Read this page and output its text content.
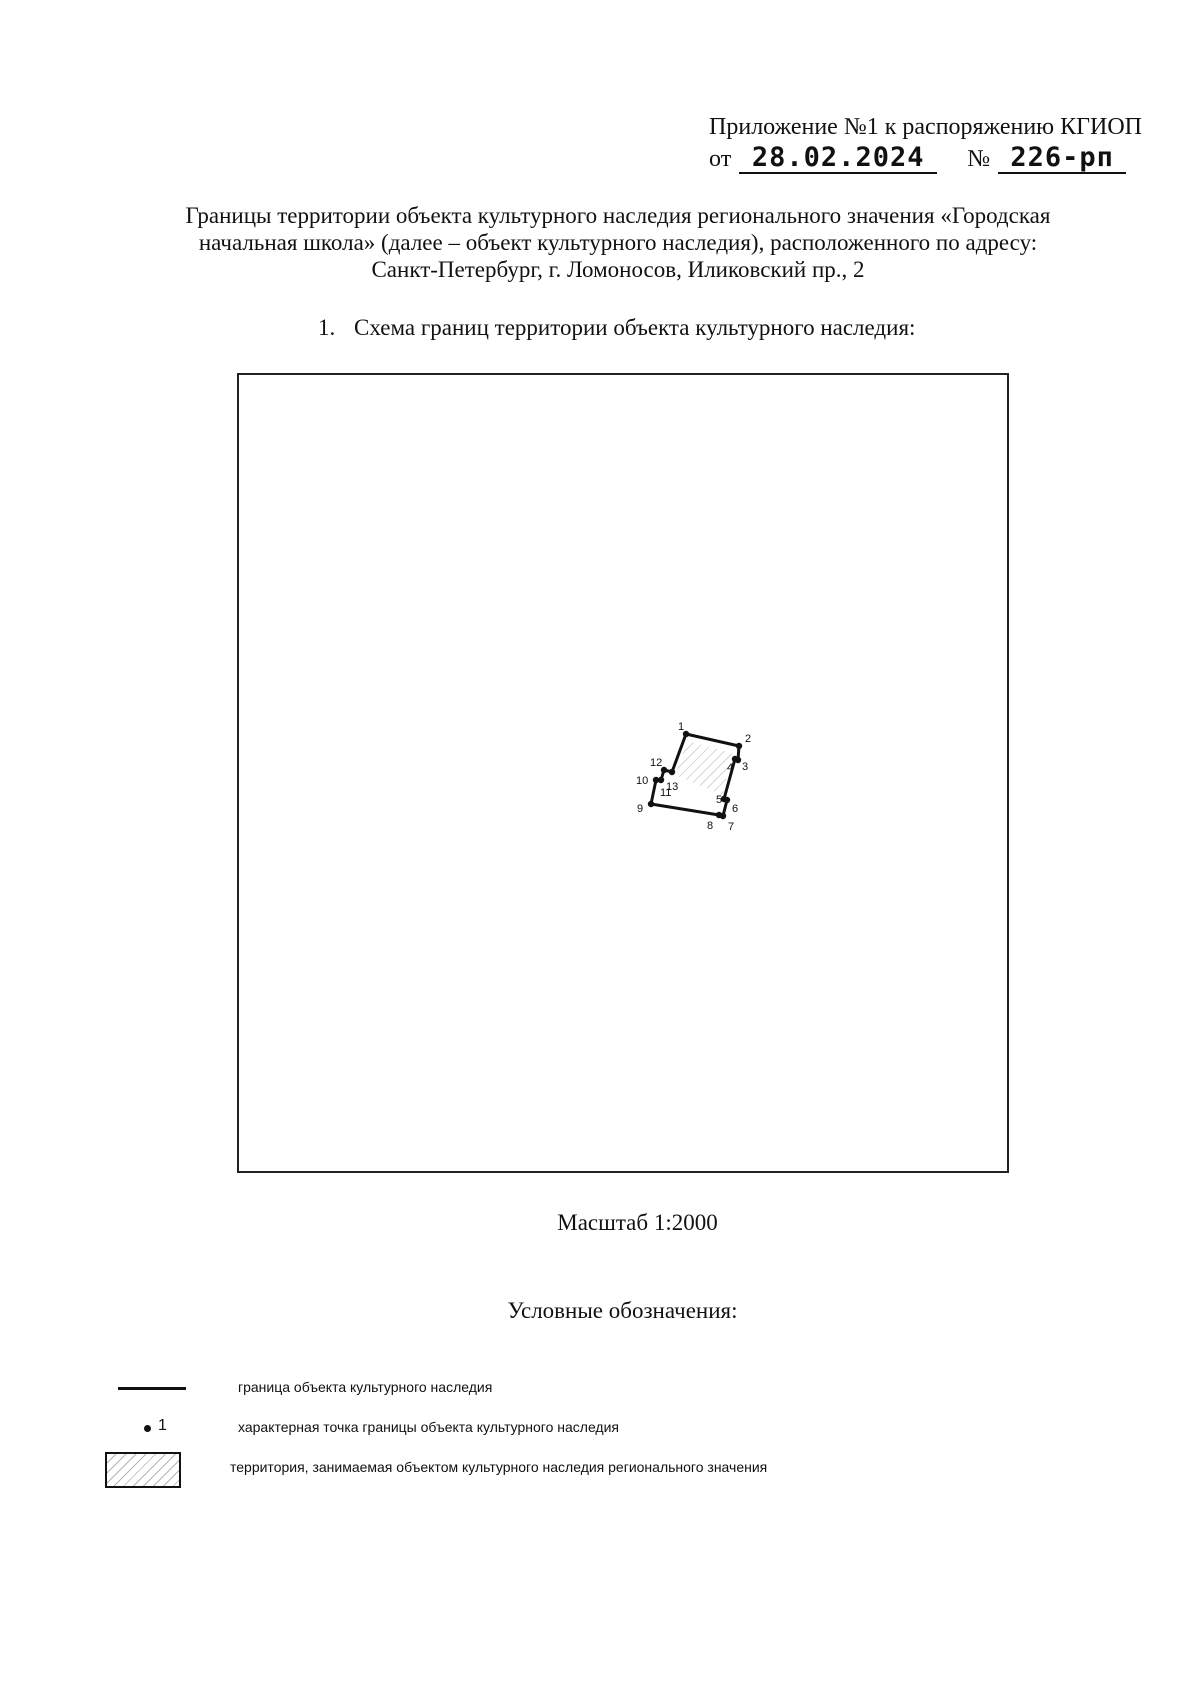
Приложение №1 к распоряжению КГИОП
от 28.02.2024	№ 226-рп
Границы территории объекта культурного наследия регионального значения «Городская
начальная школа» (далее – объект культурного наследия), расположенного по адресу:
Санкт-Петербург, г. Ломоносов, Иликовский пр., 2
1. Схема границ территории объекта культурного наследия:
1
2
3
4
5
6
7
8
9
10
11
12
13
Масштаб 1:2000
Условные обозначения:
граница объекта культурного наследия
1	характерная точка границы объекта культурного наследия
территория, занимаемая объектом культурного наследия регионального значения
